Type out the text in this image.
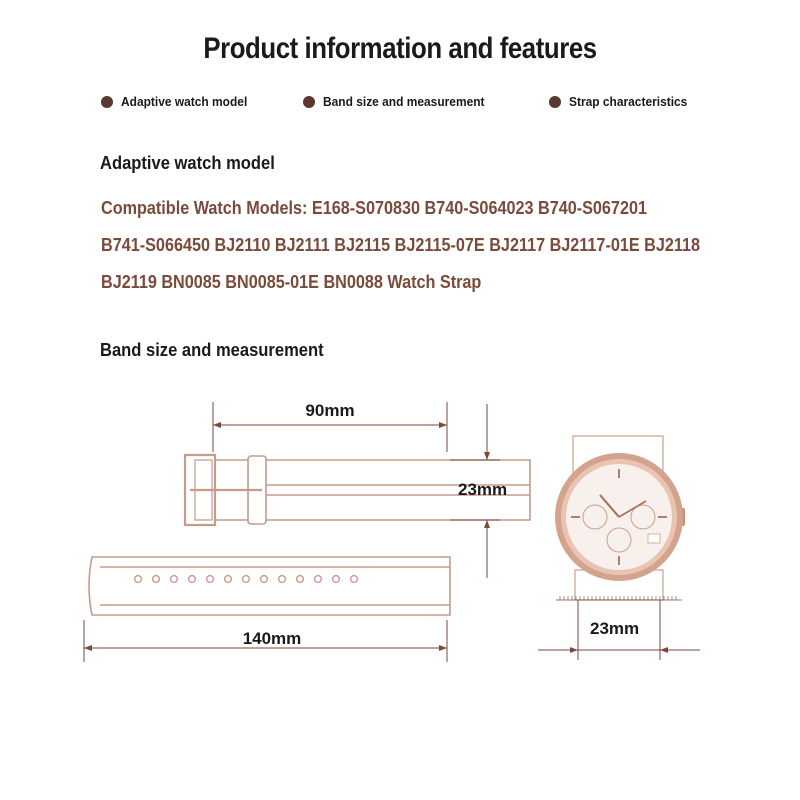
Product information and features
Adaptive watch model	Band size and measurement	Strap characteristics
Adaptive watch model
Compatible Watch Models: E168-S070830 B740-S064023 B740-S067201
B741-S066450 BJ2110 BJ2111 BJ2115 BJ2115-07E BJ2117 BJ2117-01E BJ2118
BJ2119 BN0085 BN0085-01E BN0088 Watch Strap
Band size and measurement
90mm
23mm
140mm
23mm
